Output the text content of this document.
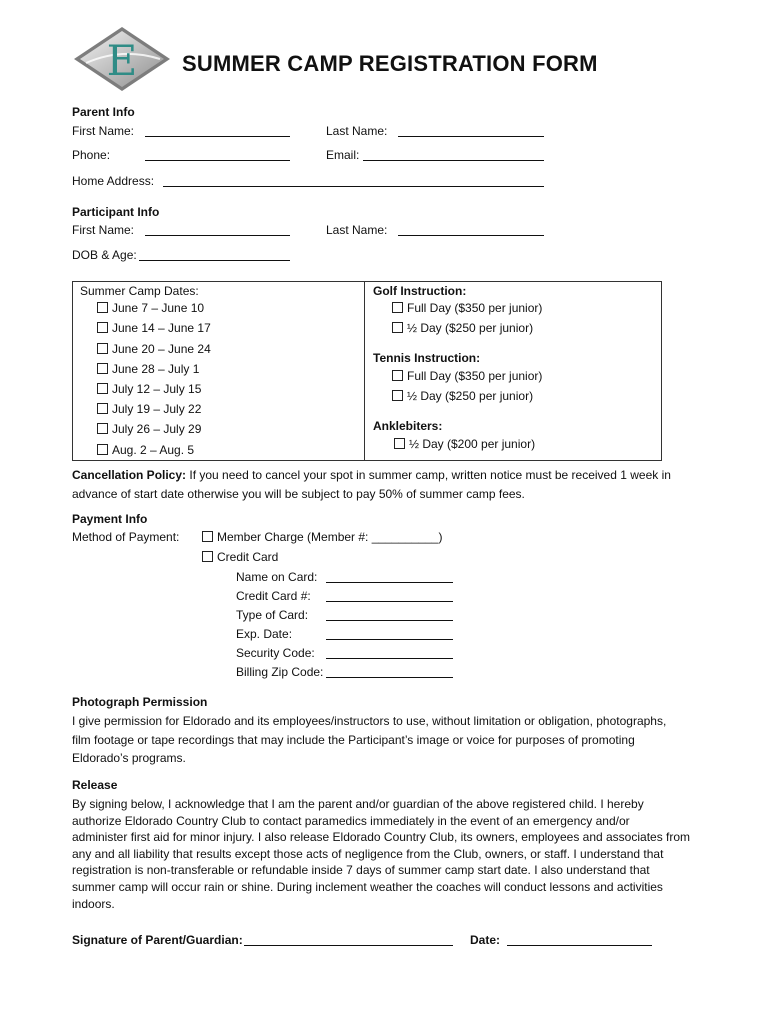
E SUMMER CAMP REGISTRATION FORM
Parent Info
First Name:	Last Name:
Phone:	Email:
Home Address:
Participant Info
First Name:	Last Name:
DOB & Age:
Summer Camp Dates:
June 7 – June 10
June 14 – June 17
June 20 – June 24
June 28 – July 1
July 12 – July 15
July 19 – July 22
July 26 – July 29
Aug. 2 – Aug. 5
Golf Instruction:
Full Day ($350 per junior)
½ Day ($250 per junior)
Tennis Instruction:
Full Day ($350 per junior)
½ Day ($250 per junior)
Anklebiters:
½ Day ($200 per junior)
Cancellation Policy: If you need to cancel your spot in summer camp, written notice must be received 1 week in
advance of start date otherwise you will be subject to pay 50% of summer camp fees.
Payment Info
Method of Payment:	Member Charge (Member #: __________)
Credit Card
Name on Card:
Credit Card #:
Type of Card:
Exp. Date:
Security Code:
Billing Zip Code:
Photograph Permission
I give permission for Eldorado and its employees/instructors to use, without limitation or obligation, photographs,
film footage or tape recordings that may include the Participant’s image or voice for purposes of promoting
Eldorado’s programs.
Release
By signing below, I acknowledge that I am the parent and/or guardian of the above registered child. I hereby
authorize Eldorado Country Club to contact paramedics immediately in the event of an emergency and/or
administer first aid for minor injury. I also release Eldorado Country Club, its owners, employees and associates from
any and all liability that results except those acts of negligence from the Club, owners, or staff. I understand that
registration is non-transferable or refundable inside 7 days of summer camp start date. I also understand that
summer camp will occur rain or shine. During inclement weather the coaches will conduct lessons and activities
indoors.
Signature of Parent/Guardian:	Date:
